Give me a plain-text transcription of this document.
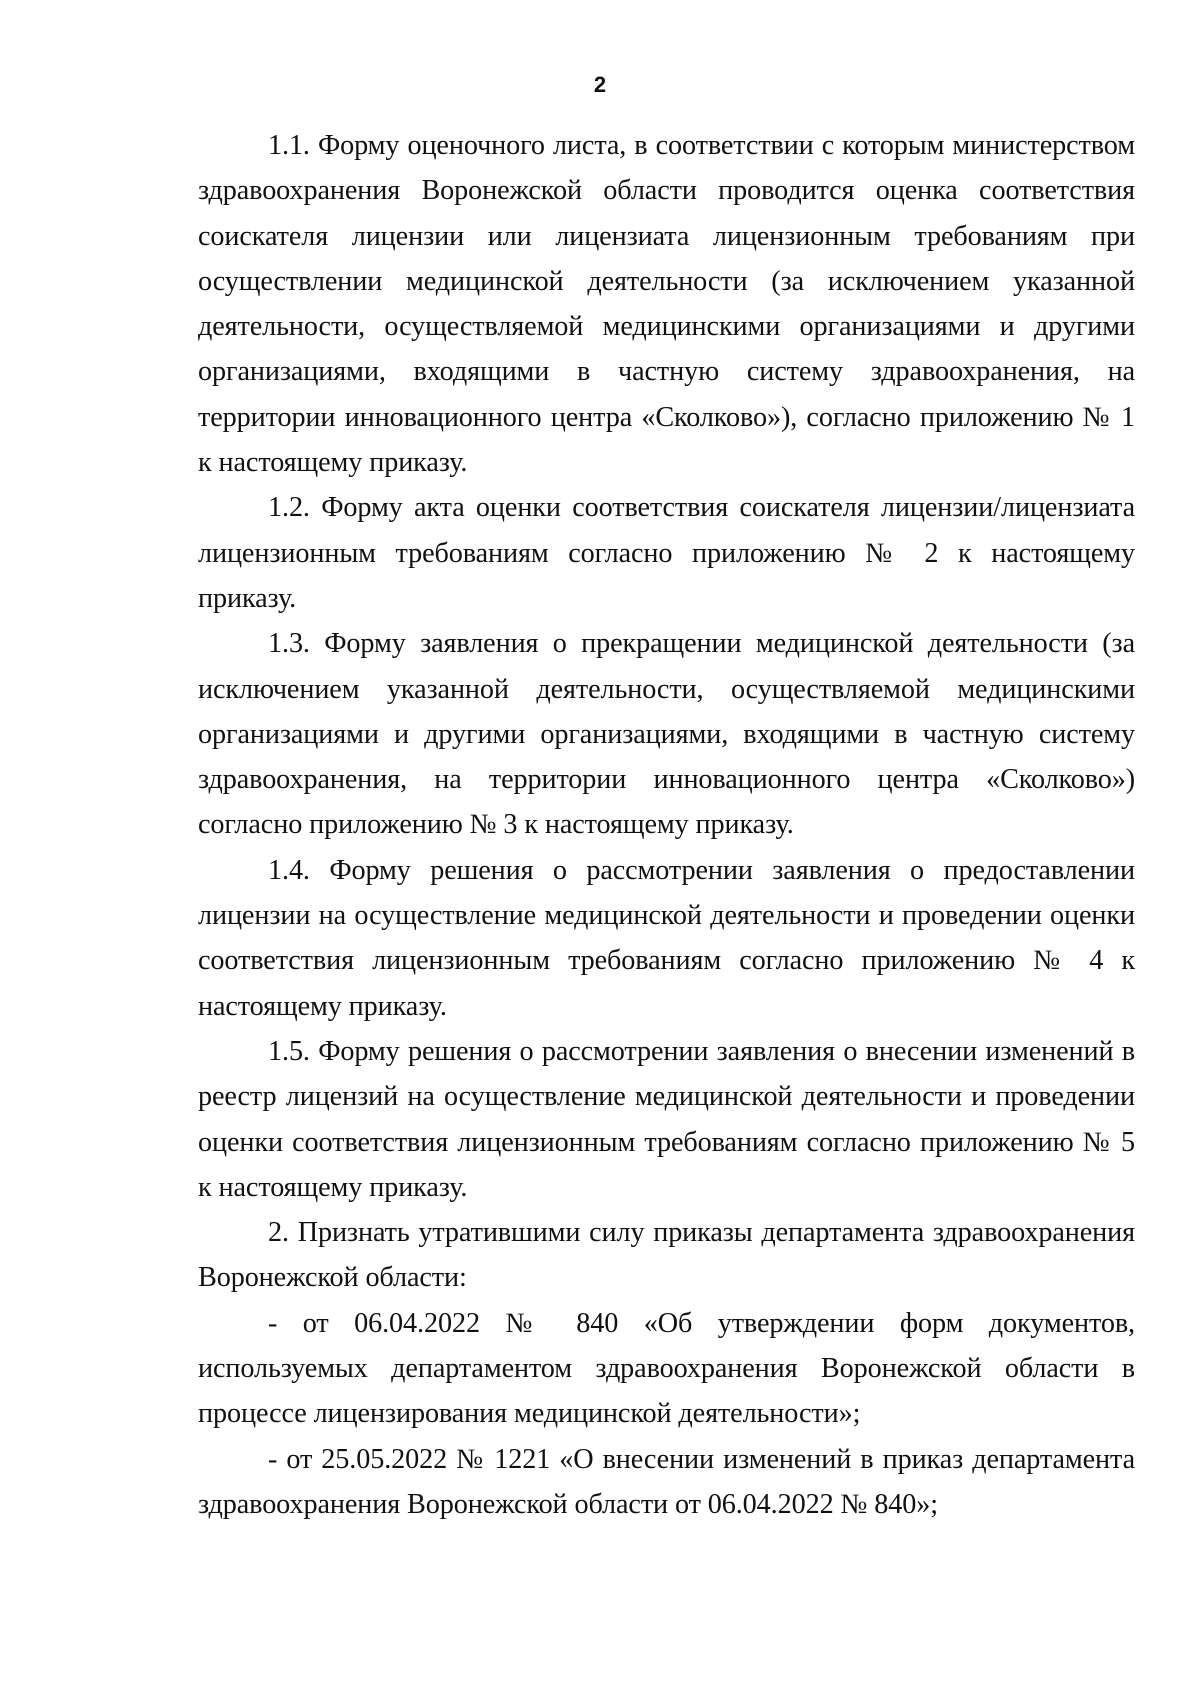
2

1.1. Форму оценочного листа, в соответствии с которым министерством здравоохранения Воронежской области проводится оценка соответствия соискателя лицензии или лицензиата лицензионным требованиям при осуществлении медицинской деятельности (за исключением указанной деятельности, осуществляемой медицинскими организациями и другими организациями, входящими в частную систему здравоохранения, на территории инновационного центра «Сколково»), согласно приложению № 1 к настоящему приказу.

1.2. Форму акта оценки соответствия соискателя лицензии/лицензиата лицензионным требованиям согласно приложению № 2 к настоящему приказу.

1.3. Форму заявления о прекращении медицинской деятельности (за исключением указанной деятельности, осуществляемой медицинскими организациями и другими организациями, входящими в частную систему здравоохранения, на территории инновационного центра «Сколково») согласно приложению № 3 к настоящему приказу.

1.4. Форму решения о рассмотрении заявления о предоставлении лицензии на осуществление медицинской деятельности и проведении оценки соответствия лицензионным требованиям согласно приложению № 4 к настоящему приказу.

1.5. Форму решения о рассмотрении заявления о внесении изменений в реестр лицензий на осуществление медицинской деятельности и проведении оценки соответствия лицензионным требованиям согласно приложению № 5 к настоящему приказу.

2. Признать утратившими силу приказы департамента здравоохранения Воронежской области:

- от 06.04.2022 № 840 «Об утверждении форм документов, используемых департаментом здравоохранения Воронежской области в процессе лицензирования медицинской деятельности»;

- от 25.05.2022 № 1221 «О внесении изменений в приказ департамента здравоохранения Воронежской области от 06.04.2022 № 840»;
